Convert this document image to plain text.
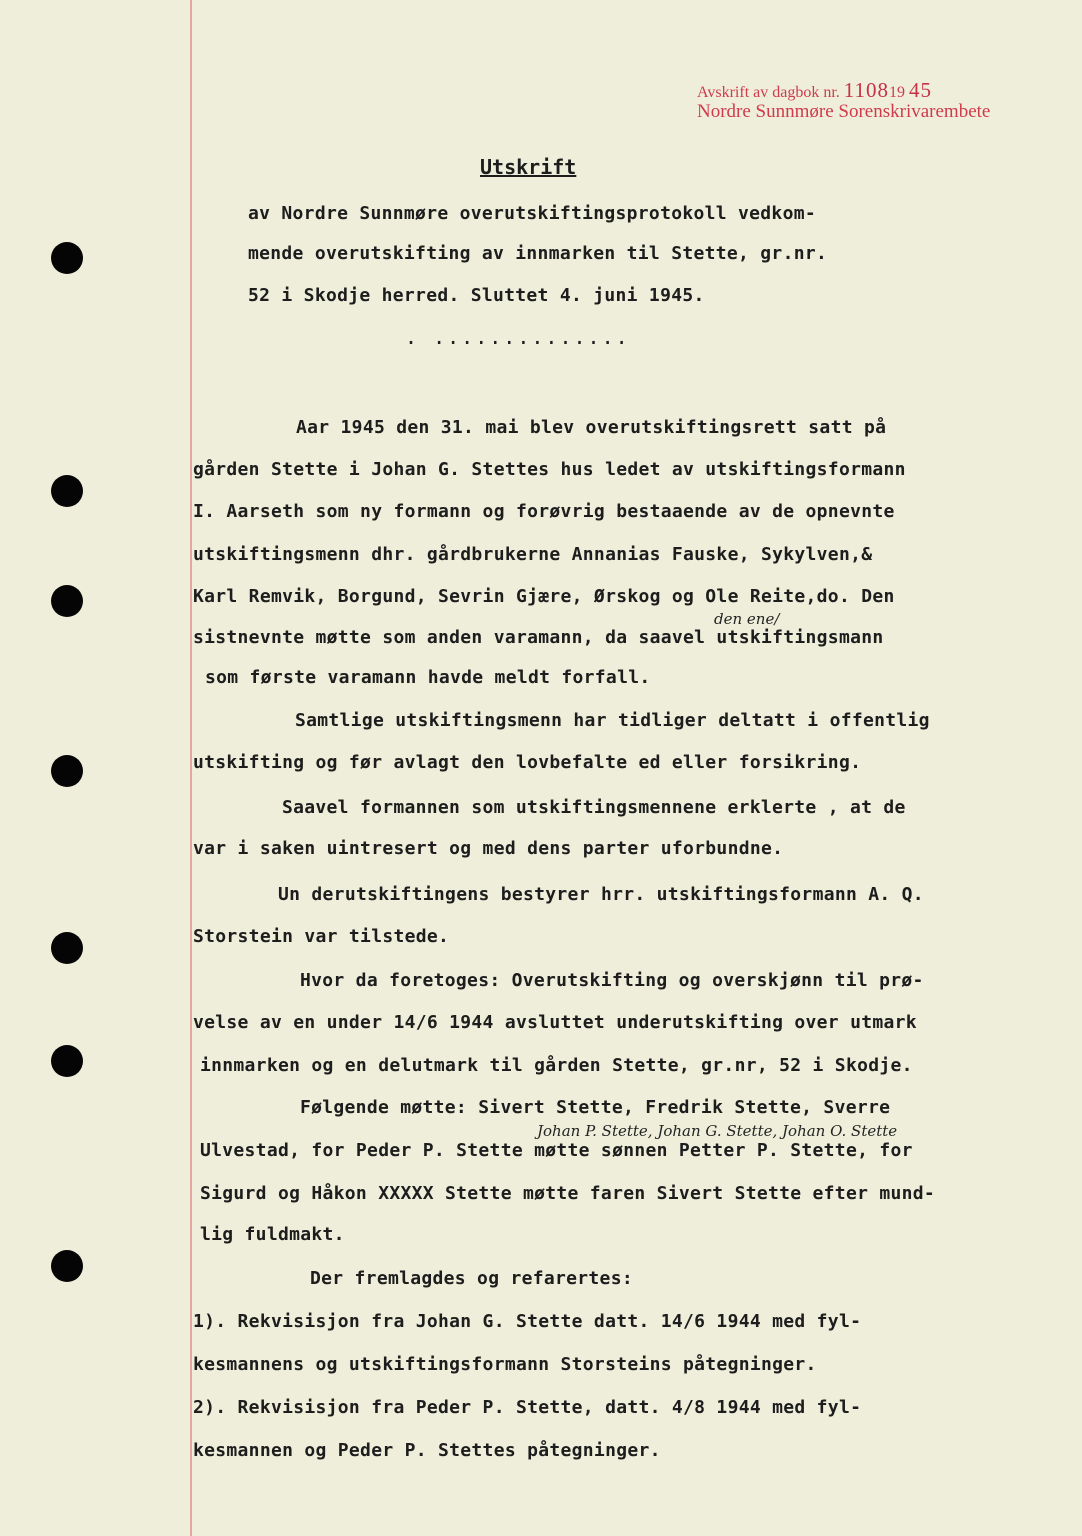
Avskrift av dagbok nr. 110819 45
Nordre Sunnmøre Sorenskrivarembete
Utskrift
av Nordre Sunnmøre overutskiftingsprotokoll vedkom-
mende overutskifting av innmarken til Stette, gr.nr.
52 i Skodje herred. Sluttet 4. juni 1945.
. ..............
Aar 1945 den 31. mai blev overutskiftingsrett satt på
gården Stette i Johan G. Stettes hus ledet av utskiftingsformann
I. Aarseth som ny formann og forøvrig bestaaende av de opnevnte
utskiftingsmenn dhr. gårdbrukerne Annanias Fauske, Sykylven,&
Karl Remvik, Borgund, Sevrin Gjære, Ørskog og Ole Reite,do. Den
den ene/
sistnevnte møtte som anden varamann, da saavel utskiftingsmann
som første varamann havde meldt forfall.
Samtlige utskiftingsmenn har tidliger deltatt i offentlig
utskifting og før avlagt den lovbefalte ed eller forsikring.
Saavel formannen som utskiftingsmennene erklerte , at de
var i saken uintresert og med dens parter uforbundne.
Un derutskiftingens bestyrer hrr. utskiftingsformann A. Q.
Storstein var tilstede.
Hvor da foretoges: Overutskifting og overskjønn til prø-
velse av en under 14/6 1944 avsluttet underutskifting over utmark
innmarken og en delutmark til gården Stette, gr.nr, 52 i Skodje.
Følgende møtte: Sivert Stette, Fredrik Stette, Sverre
Johan P. Stette, Johan G. Stette, Johan O. Stette
Ulvestad, for Peder P. Stette møtte sønnen Petter P. Stette, for
Sigurd og Håkon XXXXX Stette møtte faren Sivert Stette efter mund-
lig fuldmakt.
Der fremlagdes og refarertes:
1). Rekvisisjon fra Johan G. Stette datt. 14/6 1944 med fyl-
kesmannens og utskiftingsformann Storsteins påtegninger.
2). Rekvisisjon fra Peder P. Stette, datt. 4/8 1944 med fyl-
kesmannen og Peder P. Stettes påtegninger.
